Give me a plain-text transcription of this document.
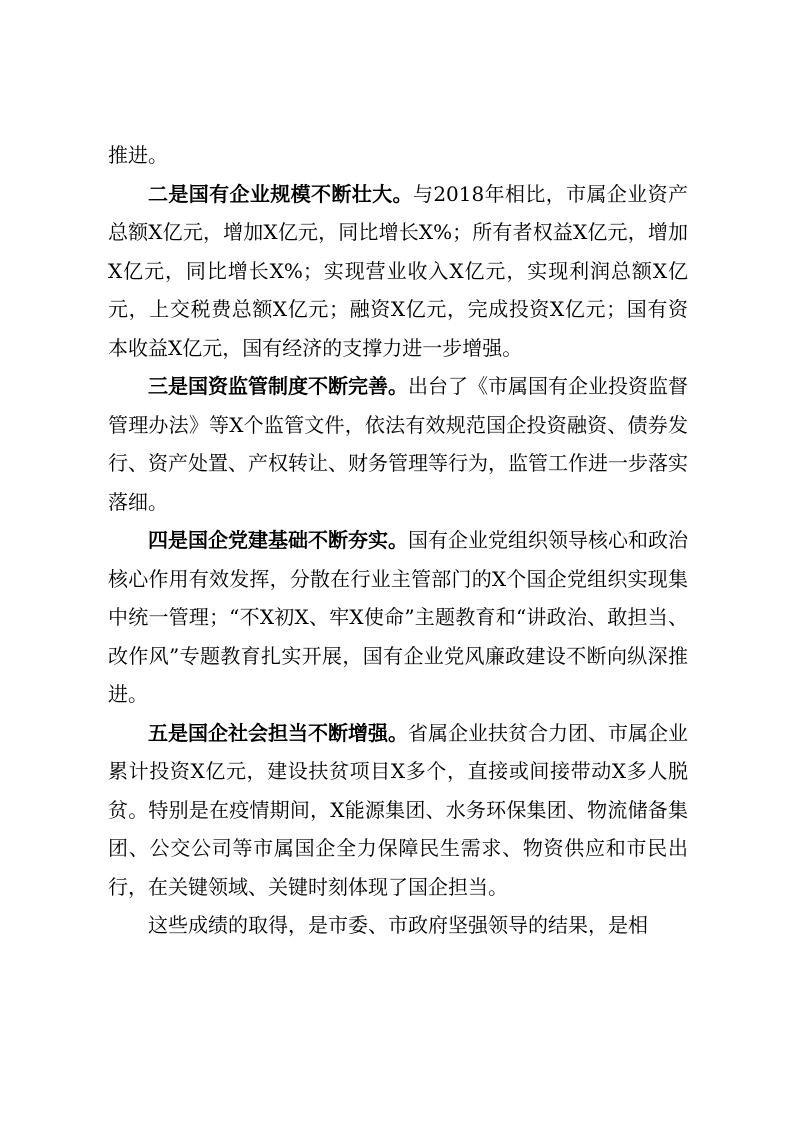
推进。

二是国有企业规模不断壮大。与2018年相比，市属企业资产总额X亿元，增加X亿元，同比增长X%；所有者权益X亿元，增加X亿元，同比增长X%；实现营业收入X亿元，实现利润总额X亿元，上交税费总额X亿元；融资X亿元，完成投资X亿元；国有资本收益X亿元，国有经济的支撑力进一步增强。

三是国资监管制度不断完善。出台了《市属国有企业投资监督管理办法》等X个监管文件，依法有效规范国企投资融资、债券发行、资产处置、产权转让、财务管理等行为，监管工作进一步落实落细。

四是国企党建基础不断夯实。国有企业党组织领导核心和政治核心作用有效发挥，分散在行业主管部门的X个国企党组织实现集中统一管理；“不X初X、牢X使命”主题教育和“讲政治、敢担当、改作风”专题教育扎实开展，国有企业党风廉政建设不断向纵深推进。

五是国企社会担当不断增强。省属企业扶贫合力团、市属企业累计投资X亿元，建设扶贫项目X多个，直接或间接带动X多人脱贫。特别是在疫情期间，X能源集团、水务环保集团、物流储备集团、公交公司等市属国企全力保障民生需求、物资供应和市民出行，在关键领域、关键时刻体现了国企担当。

这些成绩的取得，是市委、市政府坚强领导的结果，是相
